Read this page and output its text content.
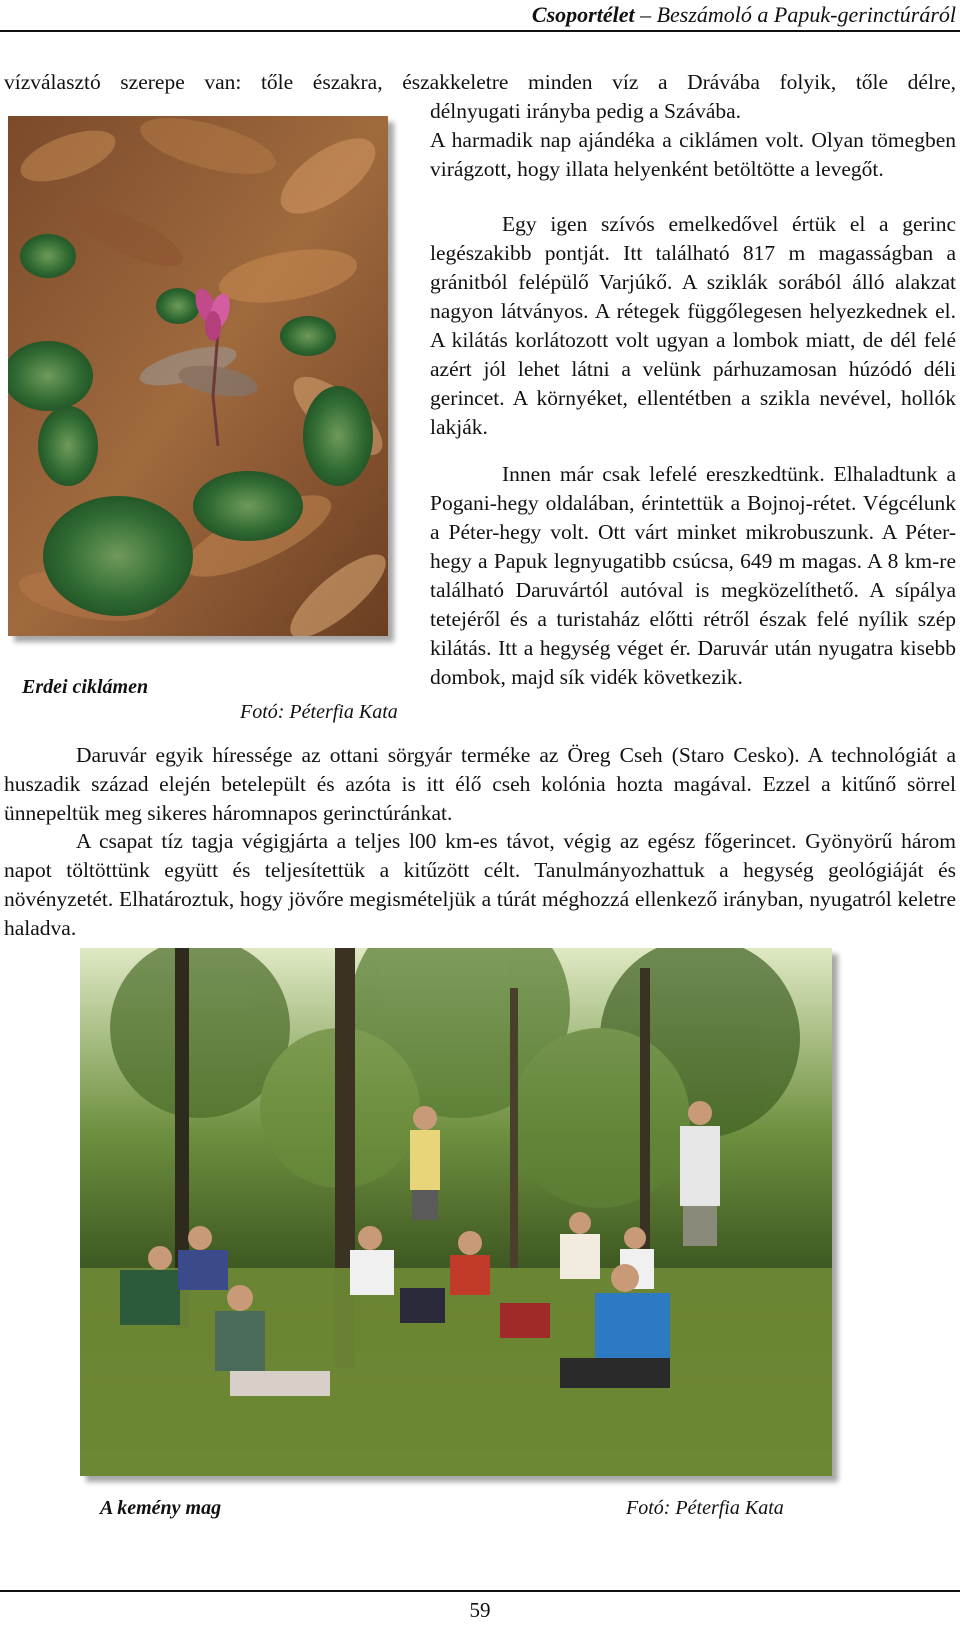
Csoportélet – Beszámoló a Papuk-gerinctúráról

vízválasztó szerepe van: tőle északra, északkeletre minden víz a Drávába folyik, tőle délre,

délnyugati irányba pedig a Szávába.

A harmadik nap ajándéka a ciklámen volt. Olyan tömegben virágzott, hogy illata helyenként betöltötte a levegőt.

Egy igen szívós emelkedővel értük el a gerinc legészakibb pontját. Itt található 817 m magasságban a gránitból felépülő Varjúkő. A sziklák sorából álló alakzat nagyon látványos. A rétegek függőlegesen helyezkednek el. A kilátás korlátozott volt ugyan a lombok miatt, de dél felé azért jól lehet látni a velünk párhuzamosan húzódó déli gerincet. A környéket, ellentétben a szikla nevével, hollók lakják.

Innen már csak lefelé ereszkedtünk. Elhaladtunk a Pogani-hegy oldalában, érintettük a Bojnoj-rétet. Végcélunk a Péter-hegy volt. Ott várt minket mikrobuszunk. A Péter-hegy a Papuk legnyugatibb csúcsa, 649 m magas. A 8 km-re található Daruvártól autóval is megközelíthető. A sípálya tetejéről és a turistaház előtti rétről észak felé nyílik szép kilátás. Itt a hegység véget ér. Daruvár után nyugatra kisebb dombok, majd sík vidék következik.

Erdei ciklámen
Fotó: Péterfia Kata

Daruvár egyik híressége az ottani sörgyár terméke az Öreg Cseh (Staro Cesko). A technológiát a huszadik század elején betelepült és azóta is itt élő cseh kolónia hozta magával. Ezzel a kitűnő sörrel ünnepeltük meg sikeres háromnapos gerinctúránkat.

A csapat tíz tagja végigjárta a teljes l00 km-es távot, végig az egész főgerincet. Gyönyörű három napot töltöttünk együtt és teljesítettük a kitűzött célt. Tanulmányozhattuk a hegység geológiáját és növényzetét. Elhatároztuk, hogy jövőre megismételjük a túrát méghozzá ellenkező irányban, nyugatról keletre haladva.

A kemény mag	Fotó: Péterfia Kata
59
